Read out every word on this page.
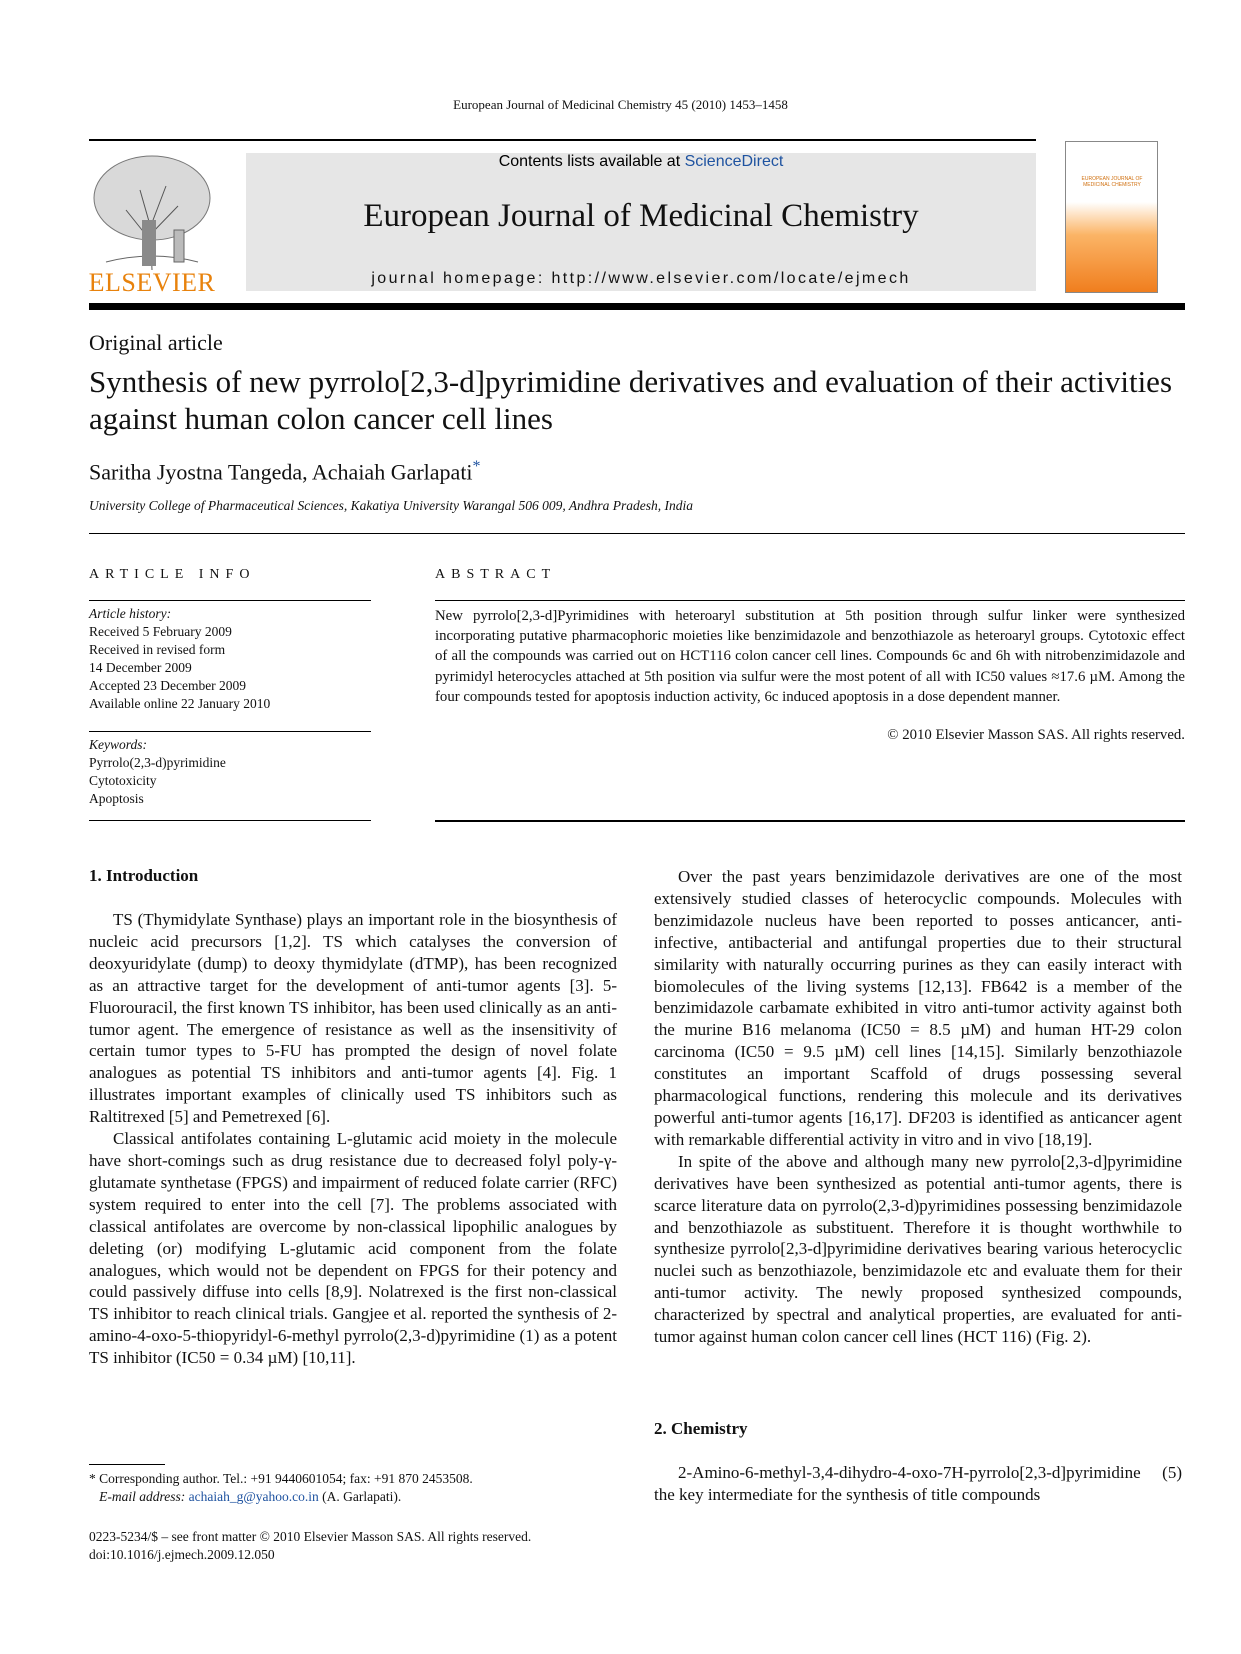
European Journal of Medicinal Chemistry 45 (2010) 1453–1458
ELSEVIER
Contents lists available at ScienceDirect
European Journal of Medicinal Chemistry
journal homepage: http://www.elsevier.com/locate/ejmech
EUROPEAN JOURNAL OF MEDICINAL CHEMISTRY
Original article
Synthesis of new pyrrolo[2,3-d]pyrimidine derivatives and evaluation of their activities against human colon cancer cell lines
Saritha Jyostna Tangeda, Achaiah Garlapati*
University College of Pharmaceutical Sciences, Kakatiya University Warangal 506 009, Andhra Pradesh, India
ARTICLE INFO
Article history:
Received 5 February 2009
Received in revised form
14 December 2009
Accepted 23 December 2009
Available online 22 January 2010
Keywords:
Pyrrolo(2,3-d)pyrimidine
Cytotoxicity
Apoptosis
ABSTRACT
New pyrrolo[2,3-d]Pyrimidines with heteroaryl substitution at 5th position through sulfur linker were synthesized incorporating putative pharmacophoric moieties like benzimidazole and benzothiazole as heteroaryl groups. Cytotoxic effect of all the compounds was carried out on HCT116 colon cancer cell lines. Compounds 6c and 6h with nitrobenzimidazole and pyrimidyl heterocycles attached at 5th position via sulfur were the most potent of all with IC50 values ≈17.6 µM. Among the four compounds tested for apoptosis induction activity, 6c induced apoptosis in a dose dependent manner.
© 2010 Elsevier Masson SAS. All rights reserved.
1. Introduction

TS (Thymidylate Synthase) plays an important role in the biosynthesis of nucleic acid precursors [1,2]. TS which catalyses the conversion of deoxyuridylate (dump) to deoxy thymidylate (dTMP), has been recognized as an attractive target for the development of anti-tumor agents [3]. 5-Fluorouracil, the first known TS inhibitor, has been used clinically as an anti-tumor agent. The emergence of resistance as well as the insensitivity of certain tumor types to 5-FU has prompted the design of novel folate analogues as potential TS inhibitors and anti-tumor agents [4]. Fig. 1 illustrates important examples of clinically used TS inhibitors such as Raltitrexed [5] and Pemetrexed [6].

Classical antifolates containing L-glutamic acid moiety in the molecule have short-comings such as drug resistance due to decreased folyl poly-γ-glutamate synthetase (FPGS) and impairment of reduced folate carrier (RFC) system required to enter into the cell [7]. The problems associated with classical antifolates are overcome by non-classical lipophilic analogues by deleting (or) modifying L-glutamic acid component from the folate analogues, which would not be dependent on FPGS for their potency and could passively diffuse into cells [8,9]. Nolatrexed is the first non-classical TS inhibitor to reach clinical trials. Gangjee et al. reported the synthesis of 2-amino-4-oxo-5-thiopyridyl-6-methyl pyrrolo(2,3-d)pyrimidine (1) as a potent TS inhibitor (IC50 = 0.34 µM) [10,11].

Over the past years benzimidazole derivatives are one of the most extensively studied classes of heterocyclic compounds. Molecules with benzimidazole nucleus have been reported to posses anticancer, anti-infective, antibacterial and antifungal properties due to their structural similarity with naturally occurring purines as they can easily interact with biomolecules of the living systems [12,13]. FB642 is a member of the benzimidazole carbamate exhibited in vitro anti-tumor activity against both the murine B16 melanoma (IC50 = 8.5 µM) and human HT-29 colon carcinoma (IC50 = 9.5 µM) cell lines [14,15]. Similarly benzothiazole constitutes an important Scaffold of drugs possessing several pharmacological functions, rendering this molecule and its derivatives powerful anti-tumor agents [16,17]. DF203 is identified as anticancer agent with remarkable differential activity in vitro and in vivo [18,19].

In spite of the above and although many new pyrrolo[2,3-d]pyrimidine derivatives have been synthesized as potential anti-tumor agents, there is scarce literature data on pyrrolo(2,3-d)pyrimidines possessing benzimidazole and benzothiazole as substituent. Therefore it is thought worthwhile to synthesize pyrrolo[2,3-d]pyrimidine derivatives bearing various heterocyclic nuclei such as benzothiazole, benzimidazole etc and evaluate them for their anti-tumor activity. The newly proposed synthesized compounds, characterized by spectral and analytical properties, are evaluated for anti-tumor against human colon cancer cell lines (HCT 116) (Fig. 2).

2. Chemistry

2-Amino-6-methyl-3,4-dihydro-4-oxo-7H-pyrrolo[2,3-d]pyrimidine (5) the key intermediate for the synthesis of title compounds

* Corresponding author. Tel.: +91 9440601054; fax: +91 870 2453508.
E-mail address: achaiah_g@yahoo.co.in (A. Garlapati).
0223-5234/$ – see front matter © 2010 Elsevier Masson SAS. All rights reserved.
doi:10.1016/j.ejmech.2009.12.050
